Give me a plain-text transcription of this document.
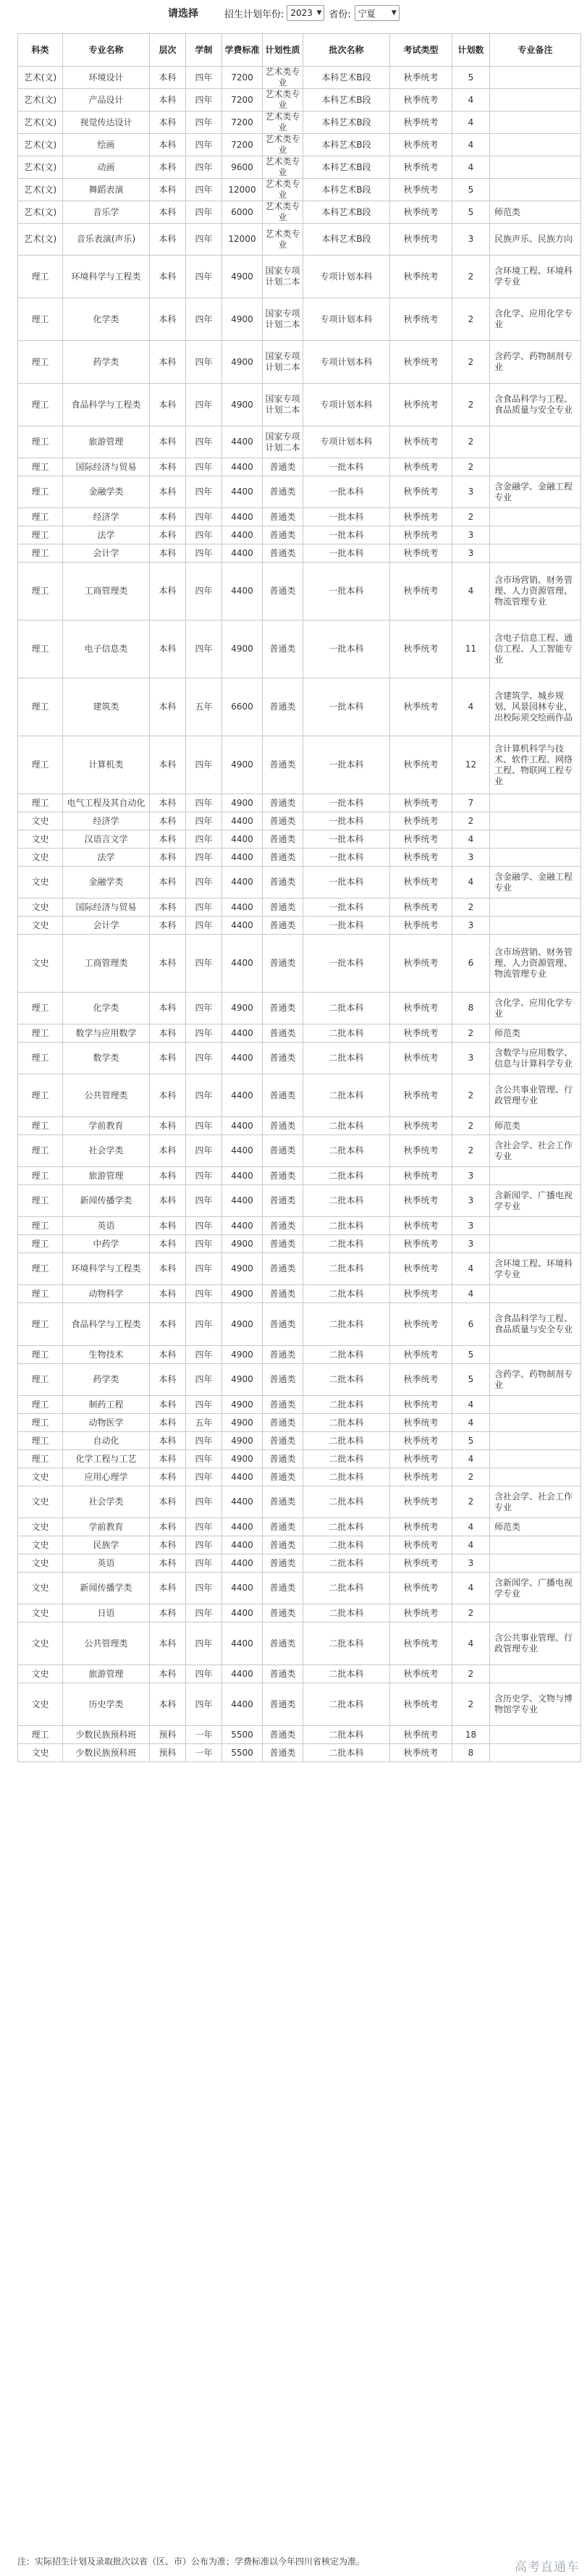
请选择	招生计划年份: 2023 ▼ 省份: 宁夏 ▼
科类	专业名称	层次	学制	学费标准	计划性质	批次名称	考试类型	计划数	专业备注
艺术(文)	环境设计	本科	四年	7200	艺术类专业	本科艺术B段	秋季统考	5	
艺术(文)	产品设计	本科	四年	7200	艺术类专业	本科艺术B段	秋季统考	4	
艺术(文)	视觉传达设计	本科	四年	7200	艺术类专业	本科艺术B段	秋季统考	4	
艺术(文)	绘画	本科	四年	7200	艺术类专业	本科艺术B段	秋季统考	4	
艺术(文)	动画	本科	四年	9600	艺术类专业	本科艺术B段	秋季统考	4	
艺术(文)	舞蹈表演	本科	四年	12000	艺术类专业	本科艺术B段	秋季统考	5	
艺术(文)	音乐学	本科	四年	6000	艺术类专业	本科艺术B段	秋季统考	5	师范类
艺术(文)	音乐表演(声乐)	本科	四年	12000	艺术类专业	本科艺术B段	秋季统考	3	民族声乐、民族方向
理工	环境科学与工程类	本科	四年	4900	国家专项计划二本	专项计划本科	秋季统考	2	含环境工程、环境科学专业
理工	化学类	本科	四年	4900	国家专项计划二本	专项计划本科	秋季统考	2	含化学、应用化学专业
理工	药学类	本科	四年	4900	国家专项计划二本	专项计划本科	秋季统考	2	含药学、药物制剂专业
理工	食品科学与工程类	本科	四年	4900	国家专项计划二本	专项计划本科	秋季统考	2	含食品科学与工程、食品质量与安全专业
理工	旅游管理	本科	四年	4400	国家专项计划二本	专项计划本科	秋季统考	2	
理工	国际经济与贸易	本科	四年	4400	普通类	一批本科	秋季统考	2	
理工	金融学类	本科	四年	4400	普通类	一批本科	秋季统考	3	含金融学、金融工程专业
理工	经济学	本科	四年	4400	普通类	一批本科	秋季统考	2	
理工	法学	本科	四年	4400	普通类	一批本科	秋季统考	3	
理工	会计学	本科	四年	4400	普通类	一批本科	秋季统考	3	
理工	工商管理类	本科	四年	4400	普通类	一批本科	秋季统考	4	含市场营销、财务管理、人力资源管理、物流管理专业
理工	电子信息类	本科	四年	4900	普通类	一批本科	秋季统考	11	含电子信息工程、通信工程、人工智能专业
理工	建筑类	本科	五年	6600	普通类	一批本科	秋季统考	4	含建筑学、城乡规划、风景园林专业，出校际须交绘画作品
理工	计算机类	本科	四年	4900	普通类	一批本科	秋季统考	12	含计算机科学与技术、软件工程、网络工程、物联网工程专业
理工	电气工程及其自动化	本科	四年	4900	普通类	一批本科	秋季统考	7	
文史	经济学	本科	四年	4400	普通类	一批本科	秋季统考	2	
文史	汉语言文学	本科	四年	4400	普通类	一批本科	秋季统考	4	
文史	法学	本科	四年	4400	普通类	一批本科	秋季统考	3	
文史	金融学类	本科	四年	4400	普通类	一批本科	秋季统考	4	含金融学、金融工程专业
文史	国际经济与贸易	本科	四年	4400	普通类	一批本科	秋季统考	2	
文史	会计学	本科	四年	4400	普通类	一批本科	秋季统考	3	
文史	工商管理类	本科	四年	4400	普通类	一批本科	秋季统考	6	含市场营销、财务管理、人力资源管理、物流管理专业
理工	化学类	本科	四年	4900	普通类	二批本科	秋季统考	8	含化学、应用化学专业
理工	数学与应用数学	本科	四年	4400	普通类	二批本科	秋季统考	2	师范类
理工	数学类	本科	四年	4400	普通类	二批本科	秋季统考	3	含数学与应用数学、信息与计算科学专业
理工	公共管理类	本科	四年	4400	普通类	二批本科	秋季统考	2	含公共事业管理、行政管理专业
理工	学前教育	本科	四年	4400	普通类	二批本科	秋季统考	2	师范类
理工	社会学类	本科	四年	4400	普通类	二批本科	秋季统考	2	含社会学、社会工作专业
理工	旅游管理	本科	四年	4400	普通类	二批本科	秋季统考	3	
理工	新闻传播学类	本科	四年	4400	普通类	二批本科	秋季统考	3	含新闻学、广播电视学专业
理工	英语	本科	四年	4400	普通类	二批本科	秋季统考	3	
理工	中药学	本科	四年	4900	普通类	二批本科	秋季统考	3	
理工	环境科学与工程类	本科	四年	4900	普通类	二批本科	秋季统考	4	含环境工程、环境科学专业
理工	动物科学	本科	四年	4900	普通类	二批本科	秋季统考	4	
理工	食品科学与工程类	本科	四年	4900	普通类	二批本科	秋季统考	6	含食品科学与工程、食品质量与安全专业
理工	生物技术	本科	四年	4900	普通类	二批本科	秋季统考	5	
理工	药学类	本科	四年	4900	普通类	二批本科	秋季统考	5	含药学、药物制剂专业
理工	制药工程	本科	四年	4900	普通类	二批本科	秋季统考	4	
理工	动物医学	本科	五年	4900	普通类	二批本科	秋季统考	4	
理工	自动化	本科	四年	4900	普通类	二批本科	秋季统考	5	
理工	化学工程与工艺	本科	四年	4900	普通类	二批本科	秋季统考	4	
文史	应用心理学	本科	四年	4400	普通类	二批本科	秋季统考	2	
文史	社会学类	本科	四年	4400	普通类	二批本科	秋季统考	2	含社会学、社会工作专业
文史	学前教育	本科	四年	4400	普通类	二批本科	秋季统考	4	师范类
文史	民族学	本科	四年	4400	普通类	二批本科	秋季统考	4	
文史	英语	本科	四年	4400	普通类	二批本科	秋季统考	3	
文史	新闻传播学类	本科	四年	4400	普通类	二批本科	秋季统考	4	含新闻学、广播电视学专业
文史	日语	本科	四年	4400	普通类	二批本科	秋季统考	2	
文史	公共管理类	本科	四年	4400	普通类	二批本科	秋季统考	4	含公共事业管理、行政管理专业
文史	旅游管理	本科	四年	4400	普通类	二批本科	秋季统考	2	
文史	历史学类	本科	四年	4400	普通类	二批本科	秋季统考	2	含历史学、文物与博物馆学专业
理工	少数民族预科班	预科	一年	5500	普通类	二批本科	秋季统考	18	
文史	少数民族预科班	预科	一年	5500	普通类	二批本科	秋季统考	8	
注：实际招生计划及录取批次以省（区、市）公布为准；学费标准以今年四川省核定为准。	高考直通车
